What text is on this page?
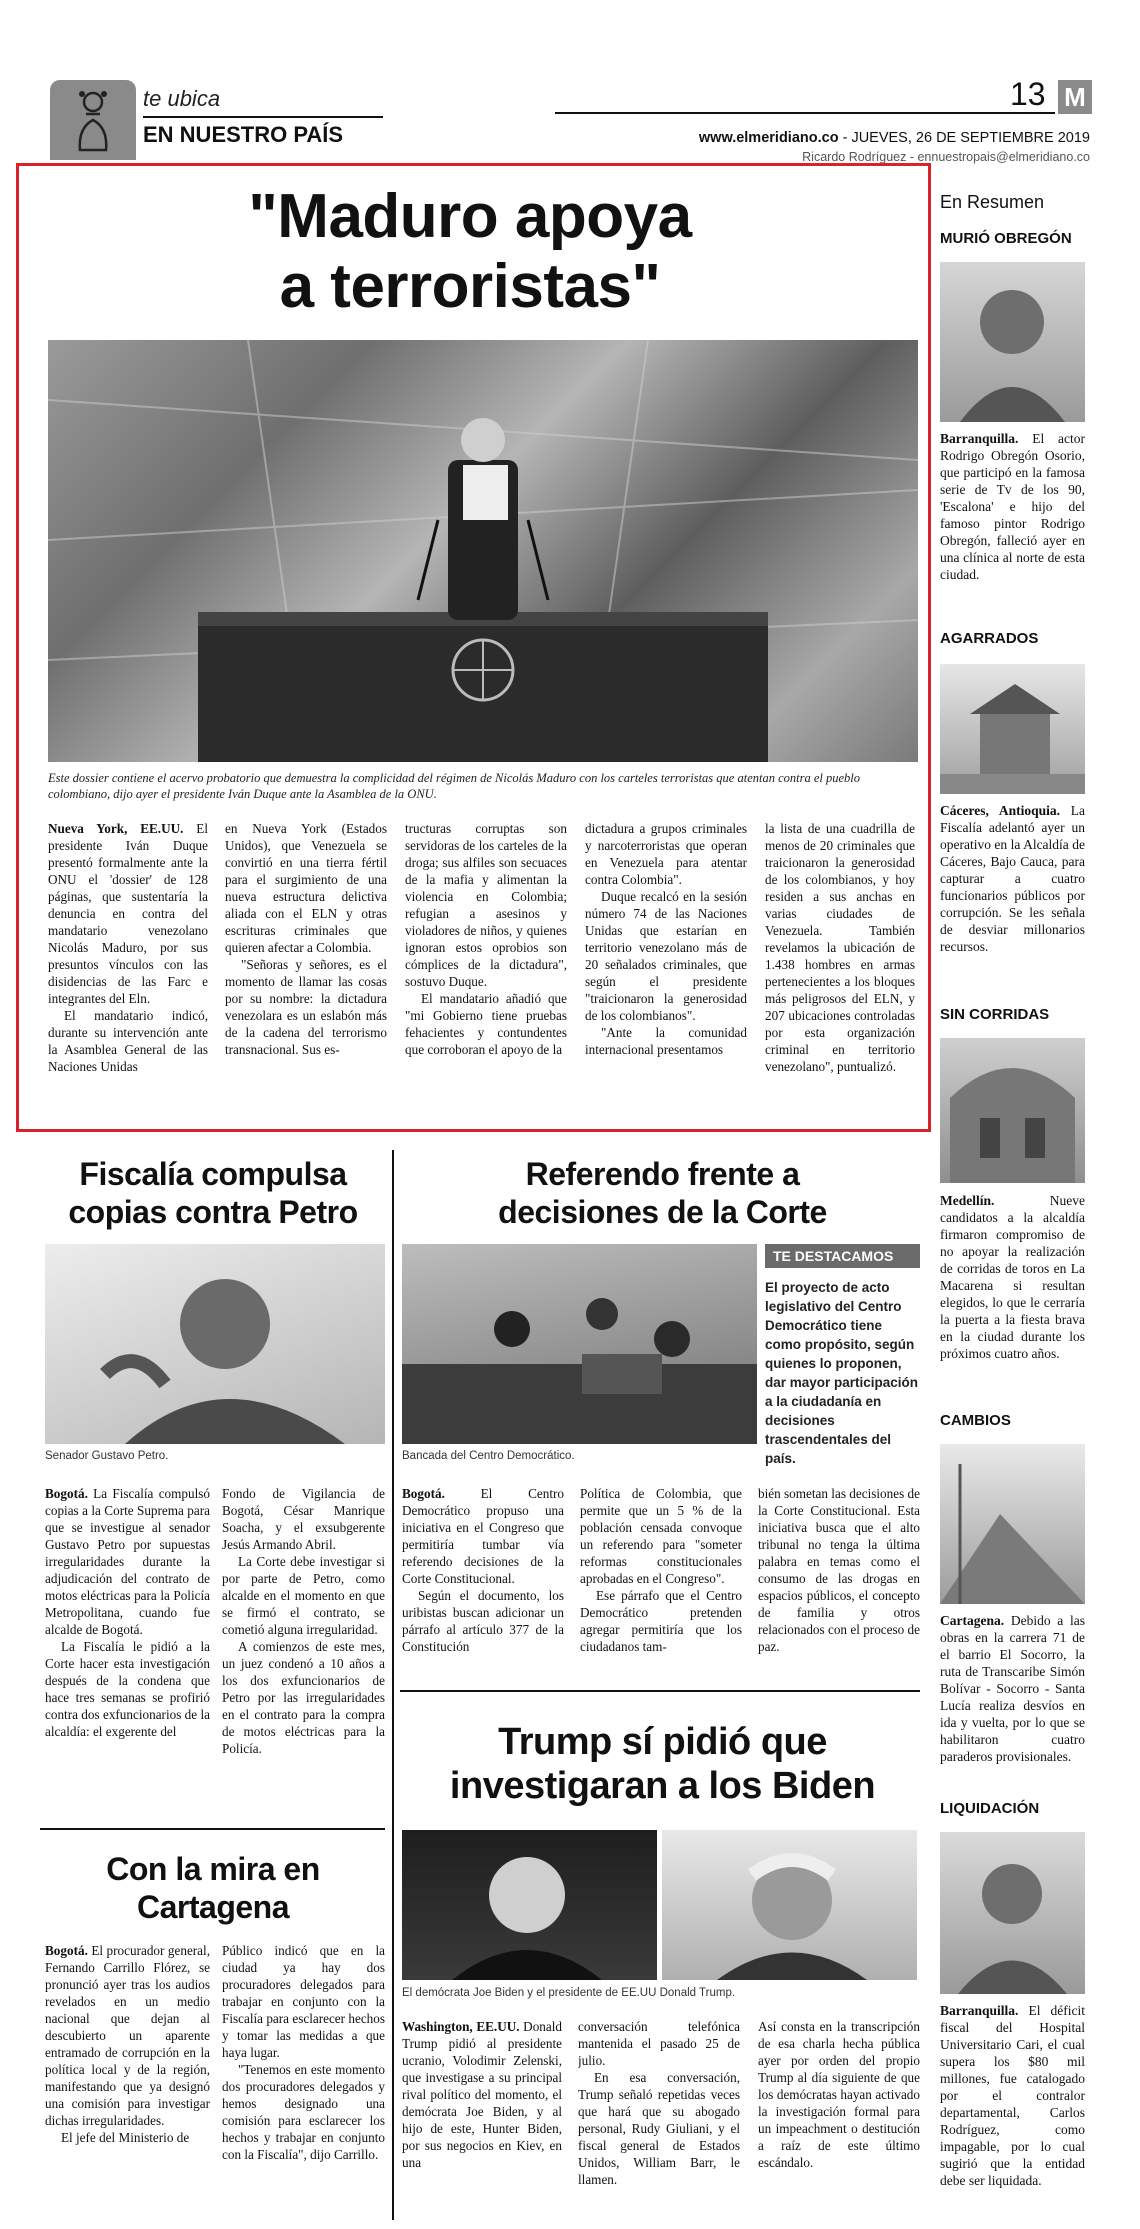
te ubica
EN NUESTRO PAÍS
13 M
www.elmeridiano.co - JUEVES, 26 DE SEPTIEMBRE 2019
Ricardo Rodríguez - ennuestropais@elmeridiano.co
"Maduro apoya
a terroristas"
Este dossier contiene el acervo probatorio que demuestra la complicidad del régimen de Nicolás Maduro con los carteles terroristas que atentan contra el pueblo colombiano, dijo ayer el presidente Iván Duque ante la Asamblea de la ONU.

Nueva York, EE.UU. El presidente Iván Duque presentó formalmente ante la ONU el 'dossier' de 128 páginas, que sustentaría la denuncia en contra del mandatario venezolano Nicolás Maduro, por sus presuntos vínculos con las disidencias de las Farc e integrantes del Eln.

El mandatario indicó, durante su intervención ante la Asamblea General de las Naciones Unidas

en Nueva York (Estados Unidos), que Venezuela se convirtió en una tierra fértil para el surgimiento de una nueva estructura delictiva aliada con el ELN y otras escrituras criminales que quieren afectar a Colombia.

"Señoras y señores, es el momento de llamar las cosas por su nombre: la dictadura venezolara es un eslabón más de la cadena del terrorismo transnacional. Sus es-

tructuras corruptas son servidoras de los carteles de la droga; sus alfiles son secuaces de la mafia y alimentan la violencia en Colombia; refugian a asesinos y violadores de niños, y quienes ignoran estos oprobios son cómplices de la dictadura", sostuvo Duque.

El mandatario añadió que "mi Gobierno tiene pruebas fehacientes y contundentes que corroboran el apoyo de la

dictadura a grupos criminales y narcoterroristas que operan en Venezuela para atentar contra Colombia".

Duque recalcó en la sesión número 74 de las Naciones Unidas que estarían en territorio venezolano más de 20 señalados criminales, que según el presidente "traicionaron la generosidad de los colombianos".

"Ante la comunidad internacional presentamos

la lista de una cuadrilla de menos de 20 criminales que traicionaron la generosidad de los colombianos, y hoy residen a sus anchas en varias ciudades de Venezuela. También revelamos la ubicación de 1.438 hombres en armas pertenecientes a los bloques más peligrosos del ELN, y 207 ubicaciones controladas por esta organización criminal en territorio venezolano", puntualizó.

En Resumen
MURIÓ OBREGÓN
Barranquilla. El actor Rodrigo Obregón Osorio, que participó en la famosa serie de Tv de los 90, 'Escalona' e hijo del famoso pintor Rodrigo Obregón, falleció ayer en una clínica al norte de esta ciudad.
AGARRADOS
Cáceres, Antioquia. La Fiscalía adelantó ayer un operativo en la Alcaldía de Cáceres, Bajo Cauca, para capturar a cuatro funcionarios públicos por corrupción. Se les señala de desviar millonarios recursos.
SIN CORRIDAS
Medellín. Nueve candidatos a la alcaldía firmaron compromiso de no apoyar la realización de corridas de toros en La Macarena si resultan elegidos, lo que le cerraría la puerta a la fiesta brava en la ciudad durante los próximos cuatro años.
CAMBIOS
Cartagena. Debido a las obras en la carrera 71 de el barrio El Socorro, la ruta de Transcaribe Simón Bolívar - Socorro - Santa Lucía realiza desvíos en ida y vuelta, por lo que se habilitaron cuatro paraderos provisionales.
LIQUIDACIÓN
Barranquilla. El déficit fiscal del Hospital Universitario Cari, el cual supera los $80 mil millones, fue catalogado por el contralor departamental, Carlos Rodríguez, como impagable, por lo cual sugirió que la entidad debe ser liquidada.
Fiscalía compulsa
copias contra Petro
Senador Gustavo Petro.

Bogotá. La Fiscalía compulsó copias a la Corte Suprema para que se investigue al senador Gustavo Petro por supuestas irregularidades durante la adjudicación del contrato de motos eléctricas para la Policía Metropolitana, cuando fue alcalde de Bogotá.

La Fiscalía le pidió a la Corte hacer esta investigación después de la condena que hace tres semanas se profirió contra dos exfuncionarios de la alcaldía: el exgerente del

Fondo de Vigilancia de Bogotá, César Manrique Soacha, y el exsubgerente Jesús Armando Abril.

La Corte debe investigar si por parte de Petro, como alcalde en el momento en que se firmó el contrato, se cometió alguna irregularidad.

A comienzos de este mes, un juez condenó a 10 años a los dos exfuncionarios de Petro por las irregularidades en el contrato para la compra de motos eléctricas para la Policía.

Referendo frente a
decisiones de la Corte
Bancada del Centro Democrático.
TE DESTACAMOS
El proyecto de acto legislativo del Centro Democrático tiene como propósito, según quienes lo proponen, dar mayor participación a la ciudadanía en decisiones trascendentales del país.

Bogotá. El Centro Democrático propuso una iniciativa en el Congreso que permitiría tumbar vía referendo decisiones de la Corte Constitucional.

Según el documento, los uribistas buscan adicionar un párrafo al artículo 377 de la Constitución

Política de Colombia, que permite que un 5 % de la población censada convoque un referendo para "someter reformas constitucionales aprobadas en el Congreso".

Ese párrafo que el Centro Democrático pretenden agregar permitiría que los ciudadanos tam-

bién sometan las decisiones de la Corte Constitucional. Esta iniciativa busca que el alto tribunal no tenga la última palabra en temas como el consumo de las drogas en espacios públicos, el concepto de familia y otros relacionados con el proceso de paz.

Con la mira en
Cartagena

Bogotá. El procurador general, Fernando Carrillo Flórez, se pronunció ayer tras los audios revelados en un medio nacional que dejan al descubierto un aparente entramado de corrupción en la política local y de la región, manifestando que ya designó una comisión para investigar dichas irregularidades.

El jefe del Ministerio de

Público indicó que en la ciudad ya hay dos procuradores delegados para trabajar en conjunto con la Fiscalía para esclarecer hechos y tomar las medidas a que haya lugar.

"Tenemos en este momento dos procuradores delegados y hemos designado una comisión para esclarecer los hechos y trabajar en conjunto con la Fiscalía", dijo Carrillo.

Trump sí pidió que
investigaran a los Biden
El demócrata Joe Biden y el presidente de EE.UU Donald Trump.

Washington, EE.UU. Donald Trump pidió al presidente ucranio, Volodimir Zelenski, que investigase a su principal rival político del momento, el demócrata Joe Biden, y al hijo de este, Hunter Biden, por sus negocios en Kiev, en una

conversación telefónica mantenida el pasado 25 de julio.

En esa conversación, Trump señaló repetidas veces que hará que su abogado personal, Rudy Giuliani, y el fiscal general de Estados Unidos, William Barr, le llamen.

Así consta en la transcripción de esa charla hecha pública ayer por orden del propio Trump al día siguiente de que los demócratas hayan activado la investigación formal para un impeachment o destitución a raíz de este último escándalo.
